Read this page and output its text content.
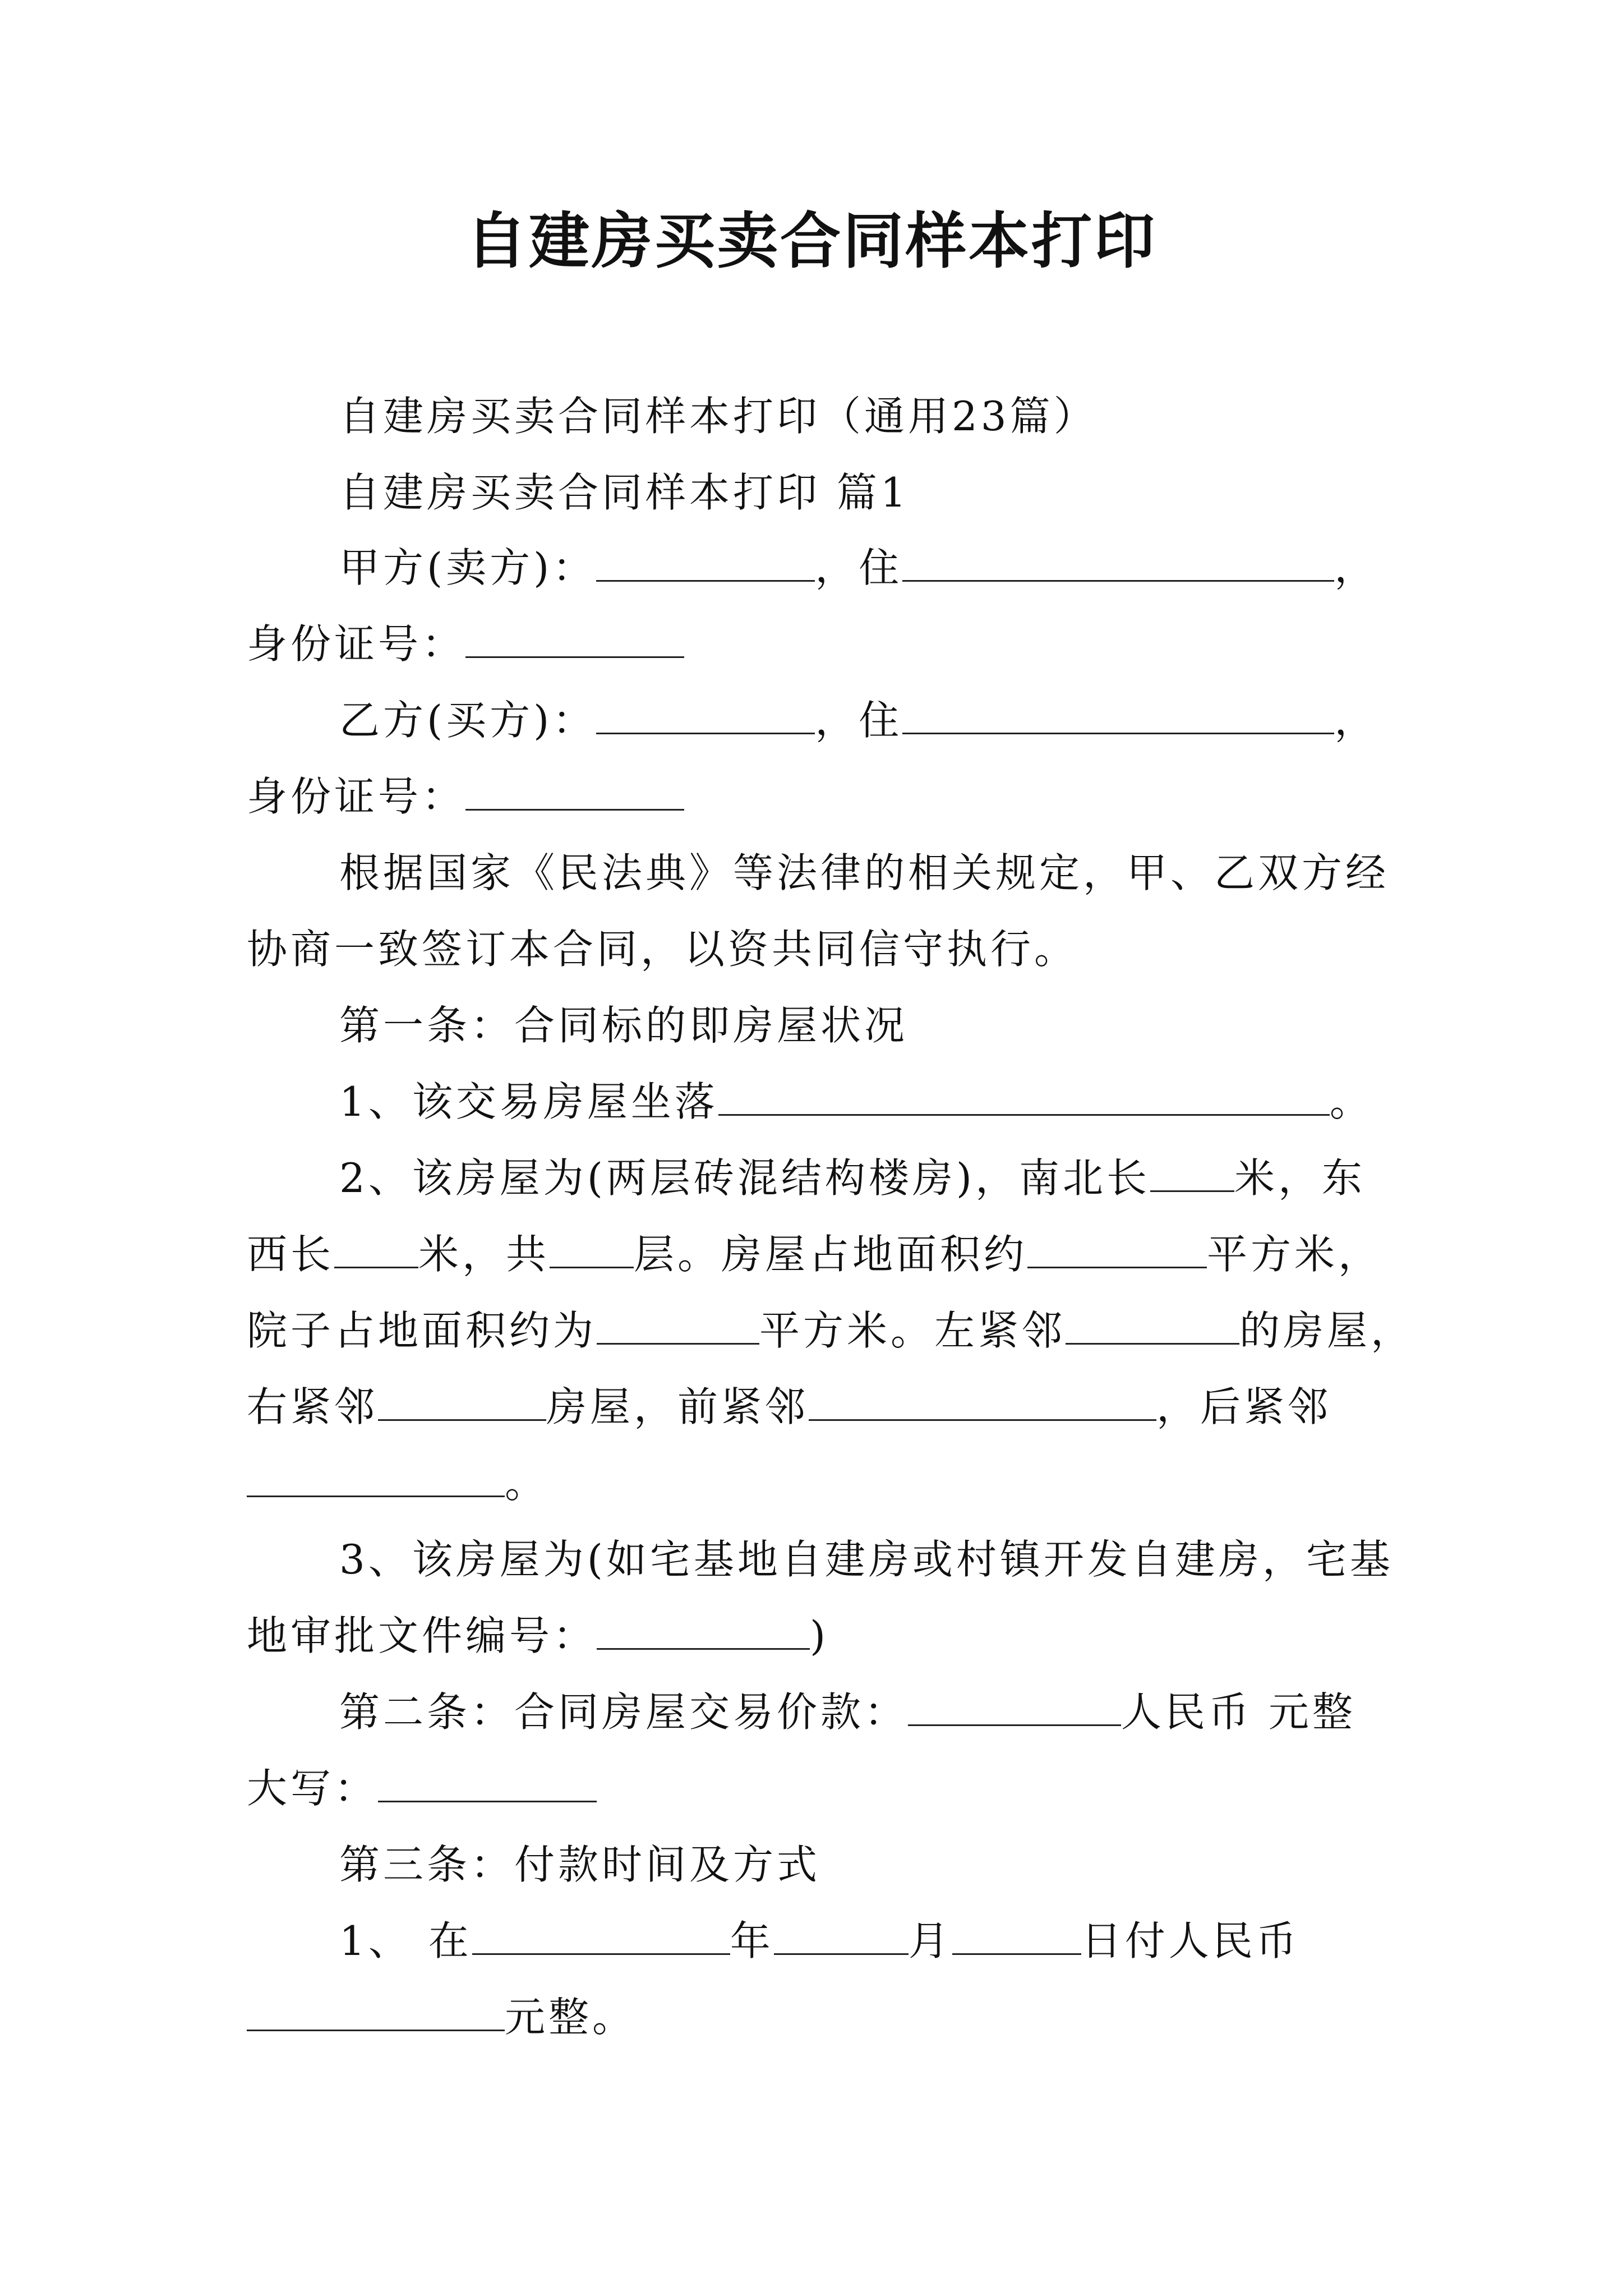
自建房买卖合同样本打印
自建房买卖合同样本打印（通用23篇）
自建房买卖合同样本打印 篇1
甲方(卖方)：	，住	，
身份证号：
乙方(买方)：	，住	，
身份证号：
根据国家《民法典》等法律的相关规定，甲、乙双方经
协商一致签订本合同，以资共同信守执行。
第一条：合同标的即房屋状况
1、该交易房屋坐落	。
2、该房屋为(两层砖混结构楼房)，南北长 米，东
西长 米，共 层。房屋占地面积约	平方米，
院子占地面积约为	平方米。左紧邻	的房屋，
右紧邻	房屋，前紧邻	，后紧邻
。
3、该房屋为(如宅基地自建房或村镇开发自建房，宅基
地审批文件编号：	)
第二条：合同房屋交易价款：	人民币 元整
大写：
第三条：付款时间及方式
1、 在	年	月	日付人民币
元整。
